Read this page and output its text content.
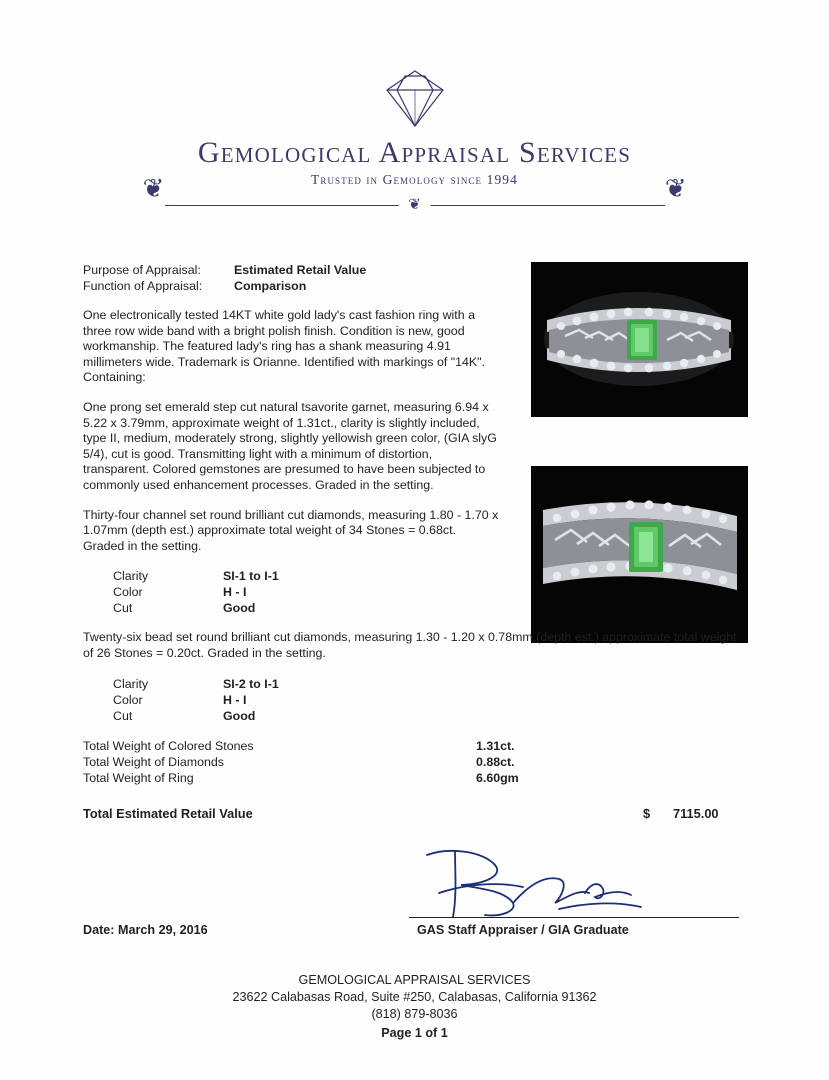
Gemological Appraisal Services
Trusted in Gemology since 1994
❦
❦	❦
Purpose of Appraisal:	Estimated Retail Value
Function of Appraisal:	Comparison
One electronically tested 14KT white gold lady's cast fashion ring with a three row wide band with a bright polish finish. Condition is new, good workmanship. The featured lady's ring has a shank measuring 4.91 millimeters wide. Trademark is Orianne. Identified with markings of "14K". Containing:
One prong set emerald step cut natural tsavorite garnet, measuring 6.94 x 5.22 x 3.79mm, approximate weight of 1.31ct., clarity is slightly included, type II, medium, moderately strong, slightly yellowish green color, (GIA slyG 5/4), cut is good. Transmitting light with a minimum of distortion, transparent. Colored gemstones are presumed to have been subjected to commonly used enhancement processes. Graded in the setting.
Thirty-four channel set round brilliant cut diamonds, measuring 1.80 - 1.70 x 1.07mm (depth est.) approximate total weight of 34 Stones = 0.68ct. Graded in the setting.
Clarity	SI-1 to I-1
Color	H - I
Cut	Good
Twenty-six bead set round brilliant cut diamonds, measuring 1.30 - 1.20 x 0.78mm (depth est.) approximate total weight of 26 Stones = 0.20ct. Graded in the setting.
Clarity	SI-2 to I-1
Color	H - I
Cut	Good
Total Weight of Colored Stones	1.31ct.
Total Weight of Diamonds	0.88ct.
Total Weight of Ring	6.60gm
Total Estimated Retail Value	$	7115.00
GAS Staff Appraiser / GIA Graduate
Date: March 29, 2016
GEMOLOGICAL APPRAISAL SERVICES
23622 Calabasas Road, Suite #250, Calabasas, California 91362
(818) 879-8036
Page 1 of 1
